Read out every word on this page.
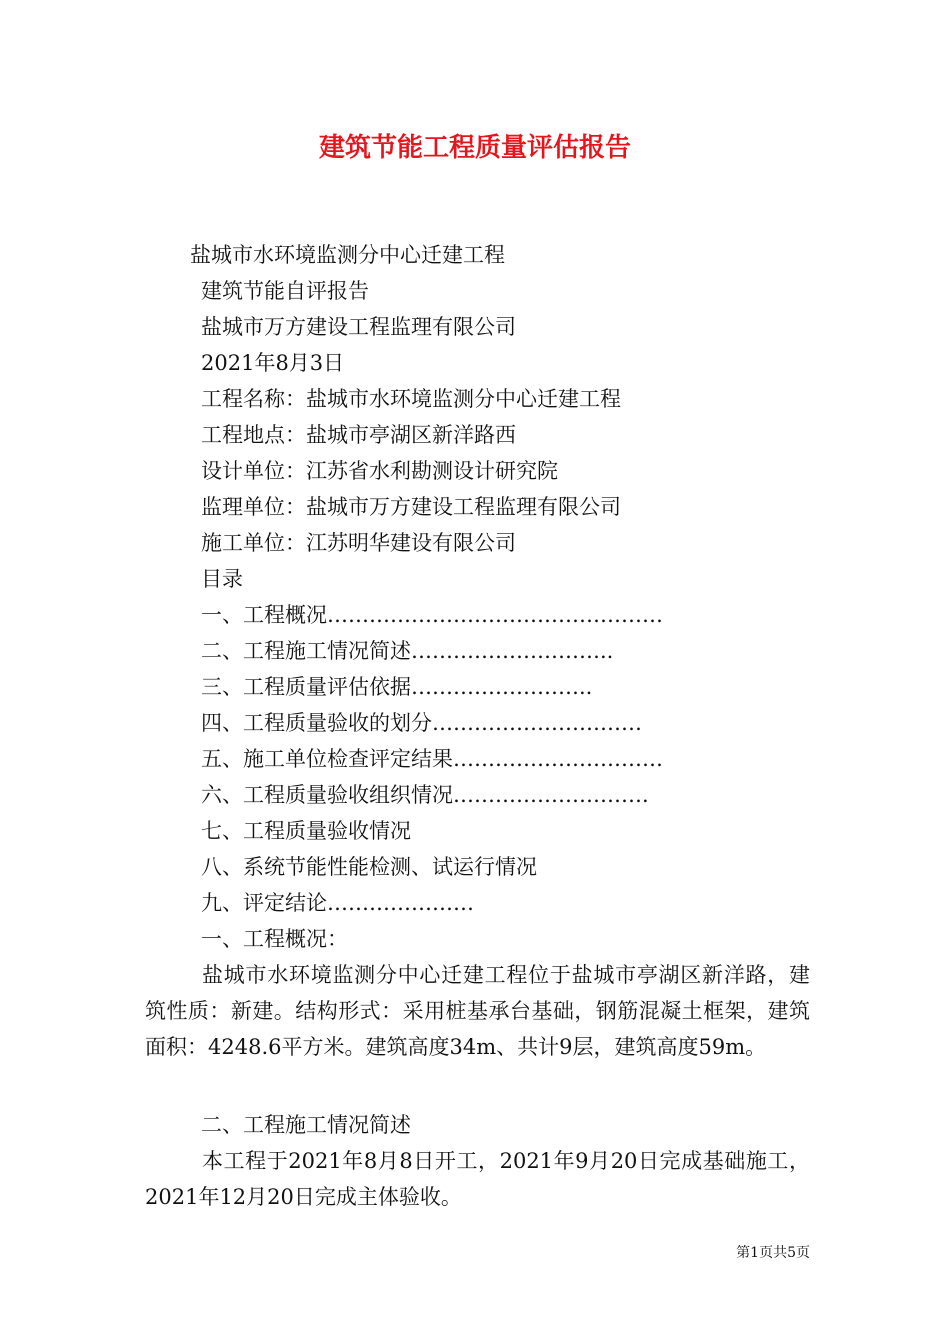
建筑节能工程质量评估报告
盐城市水环境监测分中心迁建工程
建筑节能自评报告
盐城市万方建设工程监理有限公司
2021年8月3日
工程名称：盐城市水环境监测分中心迁建工程
工程地点：盐城市亭湖区新洋路西
设计单位：江苏省水利勘测设计研究院
监理单位：盐城市万方建设工程监理有限公司
施工单位：江苏明华建设有限公司
目录
一、工程概况…………………………………………
二、工程施工情况简述………………………..
三、工程质量评估依据……………………..
四、工程质量验收的划分…………………………
五、施工单位检查评定结果…………………………
六、工程质量验收组织情况……………………….
七、工程质量验收情况
八、系统节能性能检测、试运行情况
九、评定结论…………………
一、工程概况：

盐城市水环境监测分中心迁建工程位于盐城市亭湖区新洋路，建筑性质：新建。结构形式：采用桩基承台基础，钢筋混凝土框架，建筑面积：4248.6平方米。建筑高度34m、共计9层，建筑高度59m。

二、工程施工情况简述

本工程于2021年8月8日开工，2021年9月20日完成基础施工，2021年12月20日完成主体验收。

第1页共5页
